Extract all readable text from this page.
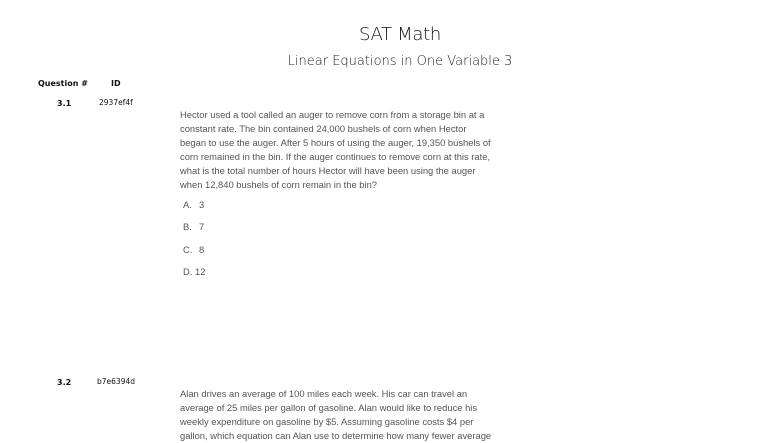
SAT Math
Linear Equations in One Variable 3
Question #	ID
3.1	2937ef4f
Hector used a tool called an auger to remove corn from a storage bin at a
constant rate. The bin contained 24,000 bushels of corn when Hector
began to use the auger. After 5 hours of using the auger, 19,350 bushels of
corn remained in the bin. If the auger continues to remove corn at this rate,
what is the total number of hours Hector will have been using the auger
when 12,840 bushels of corn remain in the bin?
A. 3
B. 7
C. 8
D. 12
3.2	b7e6394d
Alan drives an average of 100 miles each week. His car can travel an
average of 25 miles per gallon of gasoline. Alan would like to reduce his
weekly expenditure on gasoline by $5. Assuming gasoline costs $4 per
gallon, which equation can Alan use to determine how many fewer average
